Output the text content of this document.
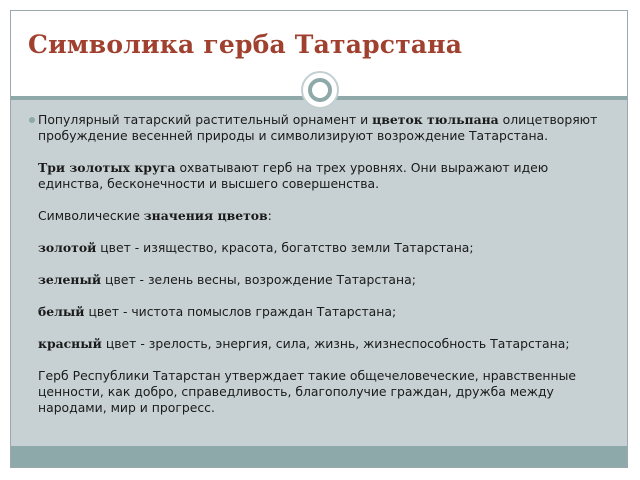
Символика герба Татарстана

Популярный татарский растительный орнамент и цветок тюльпана олицетворяют пробуждение весенней природы и символизируют возрождение Татарстана.

Три золотых круга охватывают герб на трех уровнях. Они выражают идею единства, бесконечности и высшего совершенства.

Символические значения цветов:

золотой цвет - изящество, красота, богатство земли Татарстана;

зеленый цвет - зелень весны, возрождение Татарстана;

белый цвет - чистота помыслов граждан Татарстана;

красный цвет - зрелость, энергия, сила, жизнь, жизнеспособность Татарстана;

Герб Республики Татарстан утверждает такие общечеловеческие, нравственные ценности, как добро, справедливость, благополучие граждан, дружба между народами, мир и прогресс.
